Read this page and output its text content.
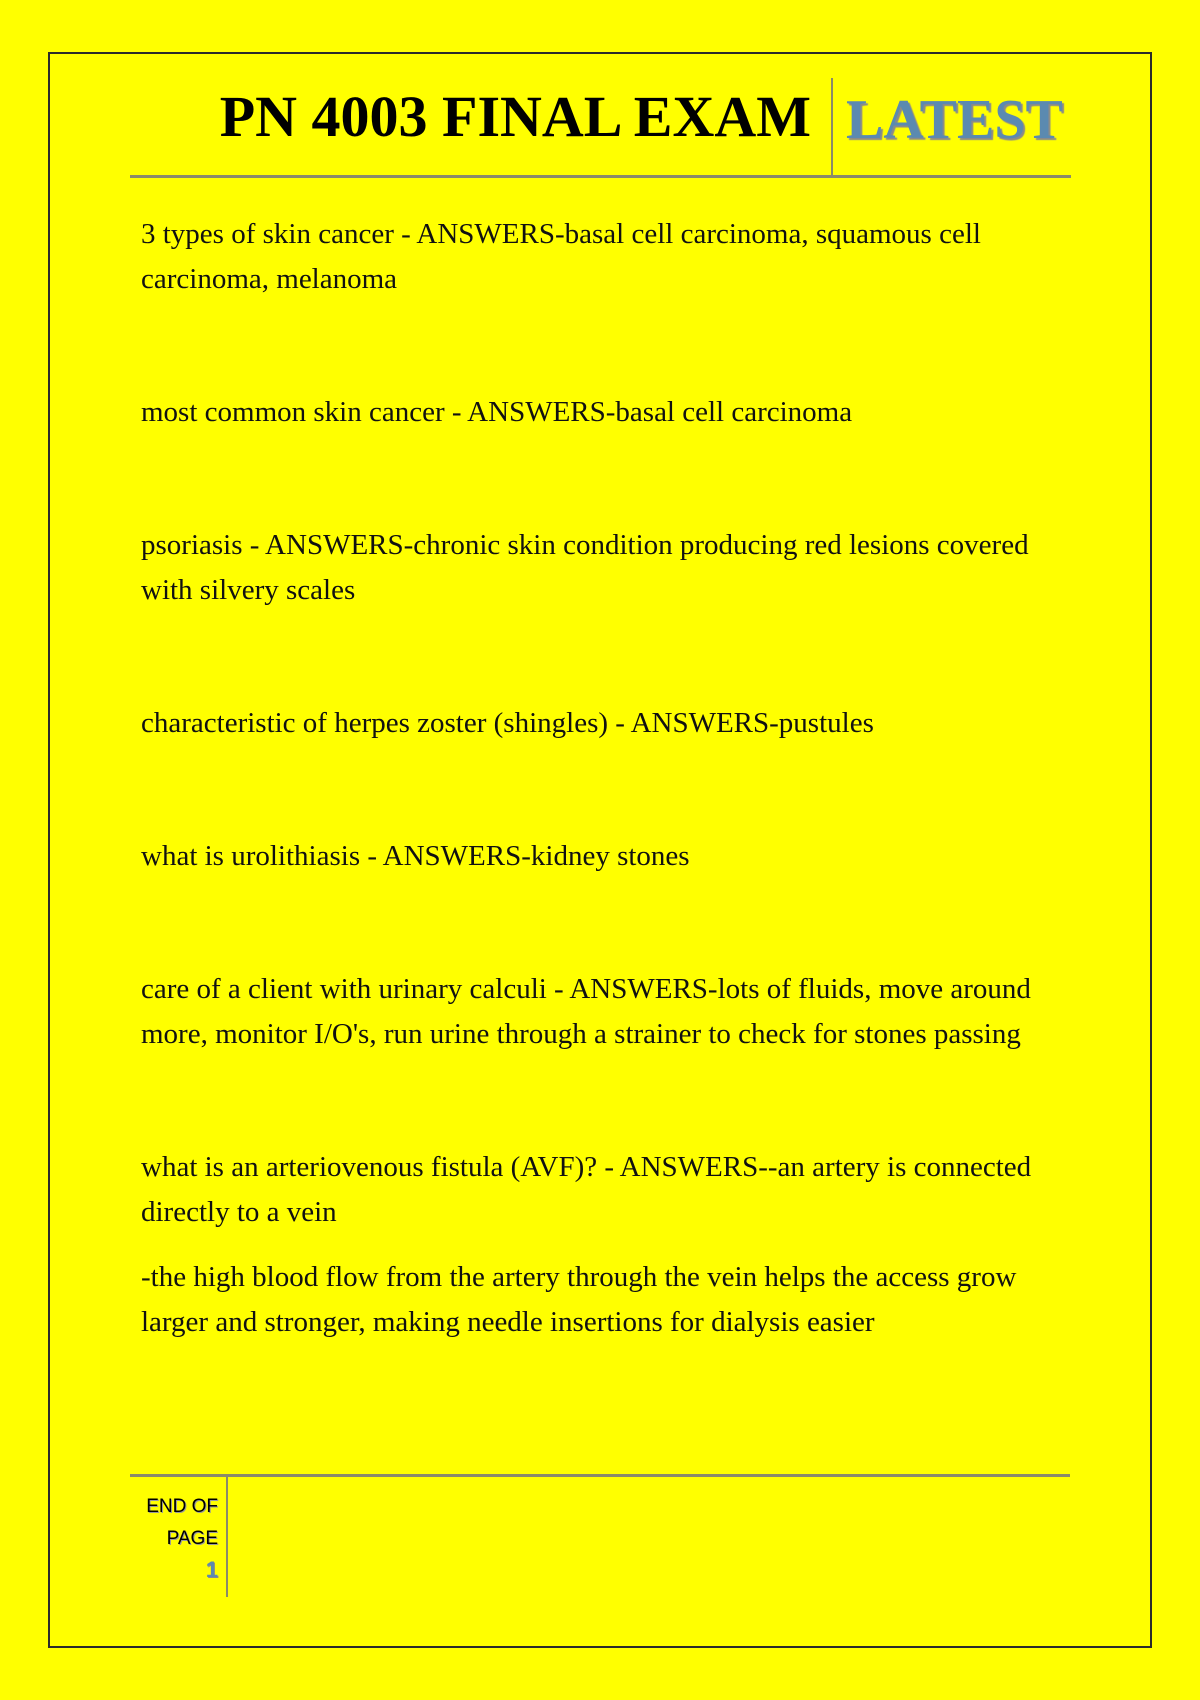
PN 4003 FINAL EXAM LATEST

3 types of skin cancer - ANSWERS-basal cell carcinoma, squamous cell carcinoma, melanoma

most common skin cancer - ANSWERS-basal cell carcinoma

psoriasis - ANSWERS-chronic skin condition producing red lesions covered with silvery scales

characteristic of herpes zoster (shingles) - ANSWERS-pustules

what is urolithiasis - ANSWERS-kidney stones

care of a client with urinary calculi - ANSWERS-lots of fluids, move around more, monitor I/O's, run urine through a strainer to check for stones passing

what is an arteriovenous fistula (AVF)? - ANSWERS--an artery is connected directly to a vein

-the high blood flow from the artery through the vein helps the access grow larger and stronger, making needle insertions for dialysis easier

END OF
PAGE
1
